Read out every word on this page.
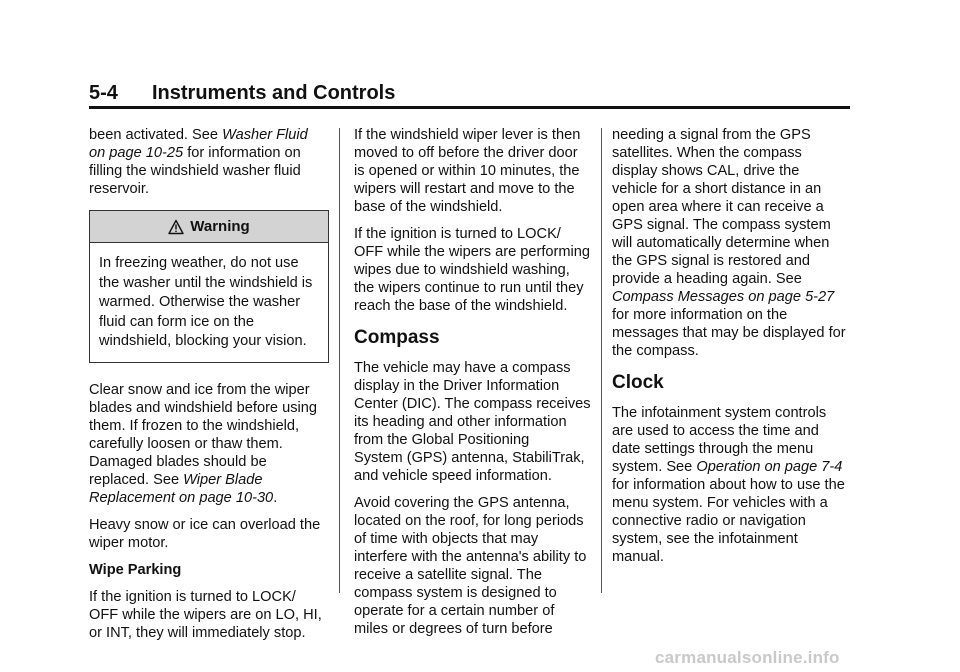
5-4 Instruments and Controls

been activated. See Washer Fluid
on page 10-25 for information on
filling the windshield washer fluid
reservoir.

Warning
In freezing weather, do not use
the washer until the windshield is
warmed. Otherwise the washer
fluid can form ice on the
windshield, blocking your vision.

Clear snow and ice from the wiper
blades and windshield before using
them. If frozen to the windshield,
carefully loosen or thaw them.
Damaged blades should be
replaced. See Wiper Blade
Replacement on page 10-30.

Heavy snow or ice can overload the
wiper motor.

Wipe Parking

If the ignition is turned to LOCK/
OFF while the wipers are on LO, HI,
or INT, they will immediately stop.

If the windshield wiper lever is then
moved to off before the driver door
is opened or within 10 minutes, the
wipers will restart and move to the
base of the windshield.

If the ignition is turned to LOCK/
OFF while the wipers are performing
wipes due to windshield washing,
the wipers continue to run until they
reach the base of the windshield.

Compass

The vehicle may have a compass
display in the Driver Information
Center (DIC). The compass receives
its heading and other information
from the Global Positioning
System (GPS) antenna, StabiliTrak,
and vehicle speed information.

Avoid covering the GPS antenna,
located on the roof, for long periods
of time with objects that may
interfere with the antenna's ability to
receive a satellite signal. The
compass system is designed to
operate for a certain number of
miles or degrees of turn before

needing a signal from the GPS
satellites. When the compass
display shows CAL, drive the
vehicle for a short distance in an
open area where it can receive a
GPS signal. The compass system
will automatically determine when
the GPS signal is restored and
provide a heading again. See
Compass Messages on page 5-27
for more information on the
messages that may be displayed for
the compass.

Clock

The infotainment system controls
are used to access the time and
date settings through the menu
system. See Operation on page 7-4
for information about how to use the
menu system. For vehicles with a
connective radio or navigation
system, see the infotainment
manual.

carmanualsonline.info
